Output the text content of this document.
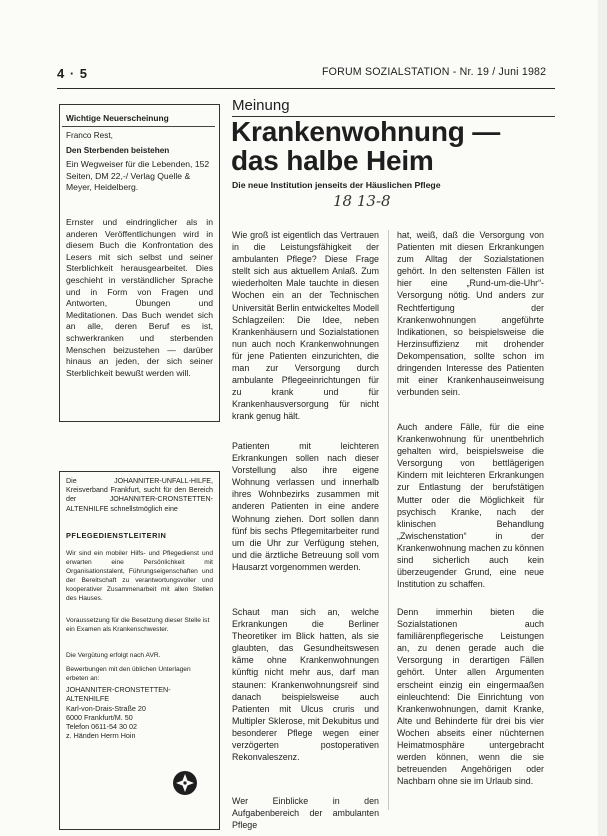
4 · 5	FORUM SOZIALSTATION - Nr. 19 / Juni 1982
Wichtige Neuerscheinung
Franco Rest,
Den Sterbenden beistehen
Ein Wegweiser für die Lebenden, 152 Seiten, DM 22,-/ Verlag Quelle & Meyer, Heidelberg.
Ernster und eindringlicher als in anderen Veröffentlichungen wird in diesem Buch die Konfrontation des Lesers mit sich selbst und seiner Sterblichkeit herausgearbeitet. Dies geschieht in verständlicher Sprache und in Form von Fragen und Antworten, Übungen und Meditationen. Das Buch wendet sich an alle, deren Beruf es ist, schwerkranken und sterbenden Menschen beizustehen — darüber hinaus an jeden, der sich seiner Sterblichkeit bewußt werden will.
Die JOHANNITER-UNFALL-HILFE, Kreisverband Frankfurt, sucht für den Bereich der JOHANNITER-CRONSTETTEN-ALTENHILFE schnellstmöglich eine
PFLEGEDIENSTLEITERIN
Wir sind ein mobiler Hilfs- und Pflegedienst und erwarten eine Persönlichkeit mit Organisationstalent, Führungseigenschaften und der Bereitschaft zu verantwortungsvoller und kooperativer Zusammenarbeit mit allen Stellen des Hauses.
Voraussetzung für die Besetzung dieser Stelle ist ein Examen als Krankenschwester.
Die Vergütung erfolgt nach AVR.
Bewerbungen mit den üblichen Unterlagen erbeten an:
JOHANNITER-CRONSTETTEN-ALTENHILFE
Karl-von-Drais-Straße 20
6000 Frankfurt/M. 50
Telefon 0611-54 30 02
z. Händen Herrn Hoin
Meinung
Krankenwohnung — das halbe Heim
Die neue Institution jenseits der Häuslichen Pflege
18 13-8
Wie groß ist eigentlich das Vertrauen in die Leistungsfähigkeit der ambulanten Pflege? Diese Frage stellt sich aus aktuellem Anlaß. Zum wiederholten Male tauchte in diesen Wochen ein an der Technischen Universität Berlin entwickeltes Modell Schlagzeilen: Die Idee, neben Krankenhäusern und Sozialstationen nun auch noch Krankenwohnungen für jene Patienten einzurichten, die man zur Versorgung durch ambulante Pflegeeinrichtungen für zu krank und für Krankenhausversorgung für nicht krank genug hält.
Patienten mit leichteren Erkrankungen sollen nach dieser Vorstellung also ihre eigene Wohnung verlassen und innerhalb ihres Wohnbezirks zusammen mit anderen Patienten in eine andere Wohnung ziehen. Dort sollen dann fünf bis sechs Pflegemitarbeiter rund um die Uhr zur Verfügung stehen, und die ärztliche Betreuung soll vom Hausarzt vorgenommen werden.
Schaut man sich an, welche Erkrankungen die Berliner Theoretiker im Blick hatten, als sie glaubten, das Gesundheitswesen käme ohne Krankenwohnungen künftig nicht mehr aus, darf man staunen: Krankenwohnungsreif sind danach beispielsweise auch Patienten mit Ulcus cruris und Multipler Sklerose, mit Dekubitus und besonderer Pflege wegen einer verzögerten postoperativen Rekonvaleszenz.
Wer Einblicke in den Aufgabenbereich der ambulanten Pflege
hat, weiß, daß die Versorgung von Patienten mit diesen Erkrankungen zum Alltag der Sozialstationen gehört. In den seltensten Fällen ist hier eine „Rund-um-die-Uhr“-Versorgung nötig. Und anders zur Rechtfertigung der Krankenwohnungen angeführte Indikationen, so beispielsweise die Herzinsuffizienz mit drohender Dekompensation, sollte schon im dringenden Interesse des Patienten mit einer Krankenhauseinweisung verbunden sein.
Auch andere Fälle, für die eine Krankenwohnung für unentbehrlich gehalten wird, beispielsweise die Versorgung von bettlägerigen Kindern mit leichteren Erkrankungen zur Entlastung der berufstätigen Mutter oder die Möglichkeit für psychisch Kranke, nach der klinischen Behandlung „Zwischenstation“ in der Krankenwohnung machen zu können sind sicherlich auch kein überzeugender Grund, eine neue Institution zu schaffen.
Denn immerhin bieten die Sozialstationen auch familiärenpflegerische Leistungen an, zu denen gerade auch die Versorgung in derartigen Fällen gehört. Unter allen Argumenten erscheint einzig ein eingermaaßen einleuchtend: Die Einrichtung von Krankenwohnungen, damit Kranke, Alte und Behinderte für drei bis vier Wochen abseits einer nüchternen Heimatmosphäre untergebracht werden können, wenn die sie betreuenden Angehörigen oder Nachbarn ohne sie im Urlaub sind.
